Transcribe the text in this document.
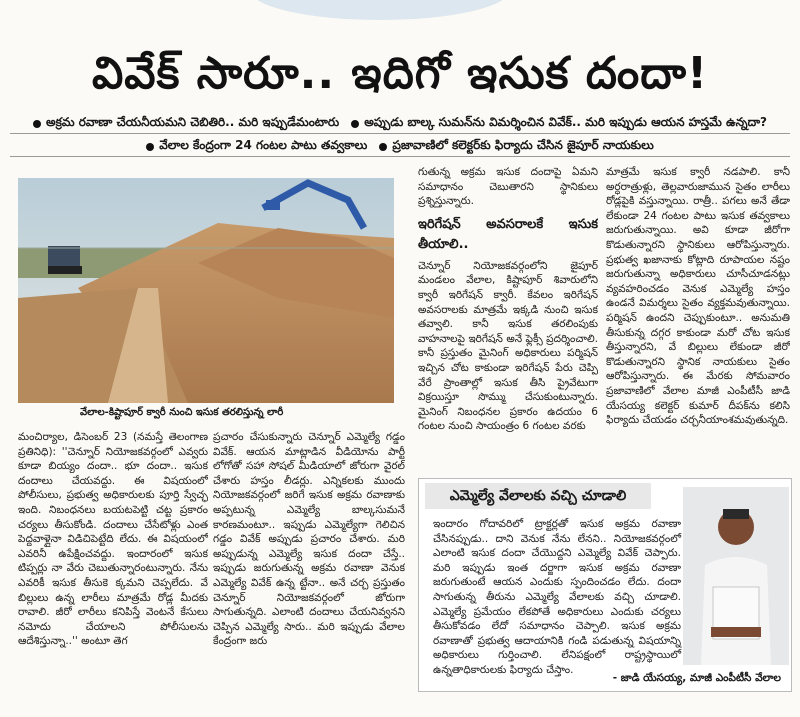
వివేక్‌ సారూ.. ఇదిగో ఇసుక దందా!
అక్రమ రవాణా చేయనీయమని చెబితిరి.. మరి ఇప్పుడేమంటారు	అప్పుడు బాల్క సుమన్‌ను విమర్శించిన వివేక్‌.. మరి ఇప్పుడు ఆయన హస్తమే ఉన్నదా?
వేలాల కేంద్రంగా 24 గంటల పాటు తవ్వకాలు	ప్రజావాణిలో కలెక్టర్‌కు ఫిర్యాదు చేసిన జైపూర్‌ నాయకులు
వేలాల-కిష్టాపూర్‌ క్వారీ నుంచి ఇసుక తరలిస్తున్న లారీ

మంచిర్యాల, డిసెంబర్‌ 23 (నమస్తే తెలంగాణ ప్రతినిధి): ''చెన్నూర్‌ నియోజకవర్గంలో ఎవ్వరు కూడా బియ్యం దందా.. భూ దందా.. ఇసుక దందాలు చేయవద్దు. ఈ విషయంలో పోలీసులు, ప్రభుత్వ అధికారులకు పూర్తి స్వేచ్ఛ ఇంది. నిబంధనలు బయటపెట్టి చట్ట ప్రకారం చర్యలు తీసుకోండి. దందాలు చేసేటోళ్లు ఎంత పెద్దవాళ్లైనా విడిచిపెట్టేది లేదు. ఈ విషయంలో ఎవరినీ ఉపేక్షించవద్దు. ఇందారంలో ఇసుక టిప్పర్లు నా వేరు చెబుతున్నారంటున్నారు. నేను ఎవరికీ ఇసుక తీసుకె క్కమని చెప్పలేదు. వే బిల్లులు ఉన్న లారీలు మాత్రమే రోడ్ల మీదకు రావాలి. జీరో లారీలు కనిపిస్తే వెంటనే కేసులు నమోదు చేయాలని పోలీసులను ఆదేశిస్తున్నా..'' అంటూ తెగ

ప్రచారం చేసుకున్నారు చెన్నూర్‌ ఎమ్మెల్యే గడ్డం వివేక్‌. ఆయన మాట్లాడిన వీడియోను పార్టీ లోగోతో సహా సోషల్‌ మీడియాలో జోరుగా వైరల్‌ చేశారు హస్తం లీడర్లు. ఎన్నికలకు ముందు నియోజకవర్గంలో జరిగే ఇసుక అక్రమ రవాణాకు అప్పటున్న ఎమ్మెల్యే బాల్కసుమనే కారణమంటూ.. ఇప్పుడు ఎమ్మెల్యేగా గెలిచిన గడ్డం వివేక్‌ అప్పుడు ప్రచారం చేశారు. మరి అప్పుడున్న ఎమ్మెల్యే ఇసుక దందా చేస్తే.. ఇప్పుడు జరుగుతున్న అక్రమ రవాణా వెనుక ఎమ్మెల్యే వివేక్‌ ఉన్న ట్టేనా.. అనే చర్చ ప్రస్తుతం చెన్నూర్‌ నియోజకవర్గంలో జోరుగా సాగుతున్నది. ఎలాంటి దందాలు చేయనివ్వనని చెప్పిన ఎమ్మెల్యే సారు.. మరి ఇప్పుడు వేలాల కేంద్రంగా జరు

గుతున్న అక్రమ ఇసుక దందాపై ఏమని సమాధానం చెబుతారని స్థానికులు ప్రశ్నిస్తున్నారు.

ఇరిగేషన్‌ అవసరాలకే ఇసుక తీయాలి..

చెన్నూర్‌ నియోజకవర్గంలోని జైపూర్‌ మండలం వేలాల, కిష్టాపూర్‌ శివారులోని క్వారీ ఇరిగేషన్‌ క్వారీ. కేవలం ఇరిగేషన్‌ అవసరాలకు మాత్రమే ఇక్కడి నుంచి ఇసుక తవ్వాలి. కానీ ఇసుక తరలింపుకు వాహనాలపై ఇరిగేషన్‌ అనే ఫ్లెక్సీ ప్రదర్శించాలి. కానీ ప్రస్తుతం మైనింగ్‌ అధికారులు పర్మిషన్‌ ఇచ్చిన చోట కాకుండా ఇరిగేషన్‌ పేరు చెప్పి వేరే ప్రాంతాల్లో ఇసుక తీసి ప్రైవేటుగా విక్రయిస్తూ సొమ్ము చేసుకుంటున్నారు. మైనింగ్‌ నిబంధనల ప్రకారం ఉదయం 6 గంటల నుంచి సాయంత్రం 6 గంటల వరకు

మాత్రమే ఇసుక క్వారీ నడపాలి. కానీ అర్ధరాత్రుళ్లు, తెల్లవారుజామున సైతం లారీలు రోడ్లపైకి వస్తున్నాయి. రాత్రీ.. పగలు అనే తేడా లేకుండా 24 గంటల పాటు ఇసుక తవ్వకాలు జరుగుతున్నాయి. అవి కూడా జీరోగా కొడుతున్నారని స్థానికులు ఆరోపిస్తున్నారు. ప్రభుత్వ ఖజానాకు కోట్లాది రూపాయల నష్టం జరుగుతున్నా అధికారులు చూసీచూడనట్లు వ్యవహరించడం వెనుక ఎమ్మెల్యే హస్తం ఉండనే విమర్శలు సైతం వ్యక్తమవుతున్నాయి. పర్మిషన్‌ ఉందని చెప్పుకుంటూ.. అనుమతి తీసుకున్న దగ్గర కాకుండా మరో చోట ఇసుక తీస్తున్నారని, వే బిల్లులు లేకుండా జీరో కొడుతున్నారని స్థానిక నాయకులు సైతం ఆరోపిస్తున్నారు. ఈ మేరకు సోమవారం ప్రజావాణిలో వేలాల మాజీ ఎంపీటీసీ జాడి యేసయ్య కలెక్టర్‌ కుమార్‌ దీపక్‌ను కలిసి ఫిర్యాదు చేయడం చర్చనీయాంశమవుతున్నది.

ఎమ్మెల్యే వేలాలకు వచ్చి చూడాలి
ఇందారం గోదావరిలో ట్రాక్టర్లతో ఇసుక అక్రమ రవాణా చేసినప్పుడు.. దాని వెనుక నేను లేనని.. నియోజకవర్గంలో ఎలాంటి ఇసుక దందా చేయొద్దని ఎమ్మెల్యే వివేక్‌ చెప్పారు. మరి ఇప్పుడు ఇంత దర్జాగా ఇసుక అక్రమ రవాణా జరుగుతుంటే ఆయన ఎందుకు స్పందించడం లేదు. దందా సాగుతున్న తీరును ఎమ్మెల్యే వేలాలకు వచ్చి చూడాలి. ఎమ్మెల్యే ప్రమేయం లేకపోతే అధికారులు ఎందుకు చర్యలు తీసుకోవడం లేదో సమాధానం చెప్పాలి. ఇసుక అక్రమ రవాణాతో ప్రభుత్వ ఆదాయానికి గండి పడుతున్న విషయాన్ని అధికారులు గుర్తించాలి. లేనిపక్షంలో రాష్ట్రస్థాయిలో ఉన్నతాధికారులకు ఫిర్యాదు చేస్తాం.
- జాడి యేసయ్య, మాజీ ఎంపీటీసీ వేలాల
